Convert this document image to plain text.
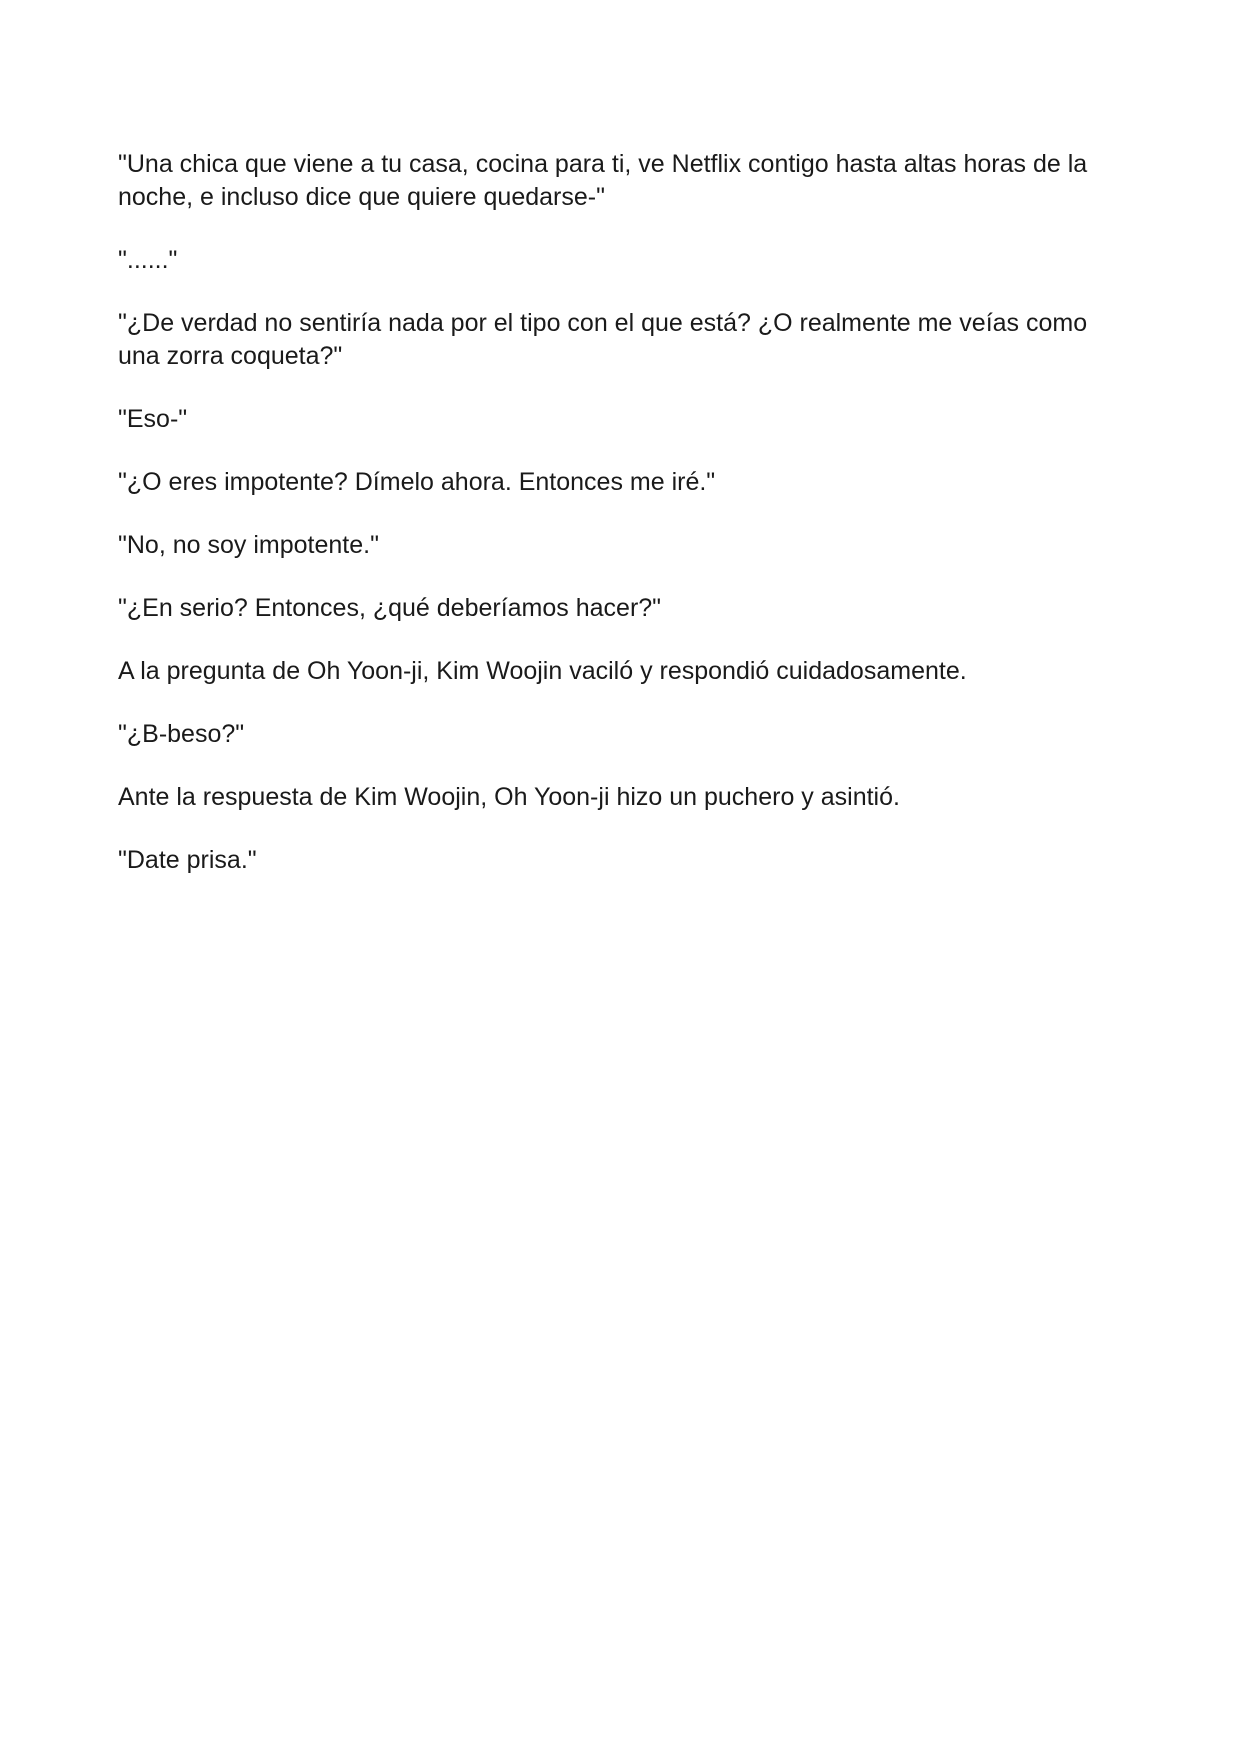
"Una chica que viene a tu casa, cocina para ti, ve Netflix contigo hasta altas horas de la noche, e incluso dice que quiere quedarse-"

"......"

"¿De verdad no sentiría nada por el tipo con el que está? ¿O realmente me veías como una zorra coqueta?"

"Eso-"

"¿O eres impotente? Dímelo ahora. Entonces me iré."

"No, no soy impotente."

"¿En serio? Entonces, ¿qué deberíamos hacer?"

A la pregunta de Oh Yoon-ji, Kim Woojin vaciló y respondió cuidadosamente.

"¿B-beso?"

Ante la respuesta de Kim Woojin, Oh Yoon-ji hizo un puchero y asintió.

"Date prisa."
